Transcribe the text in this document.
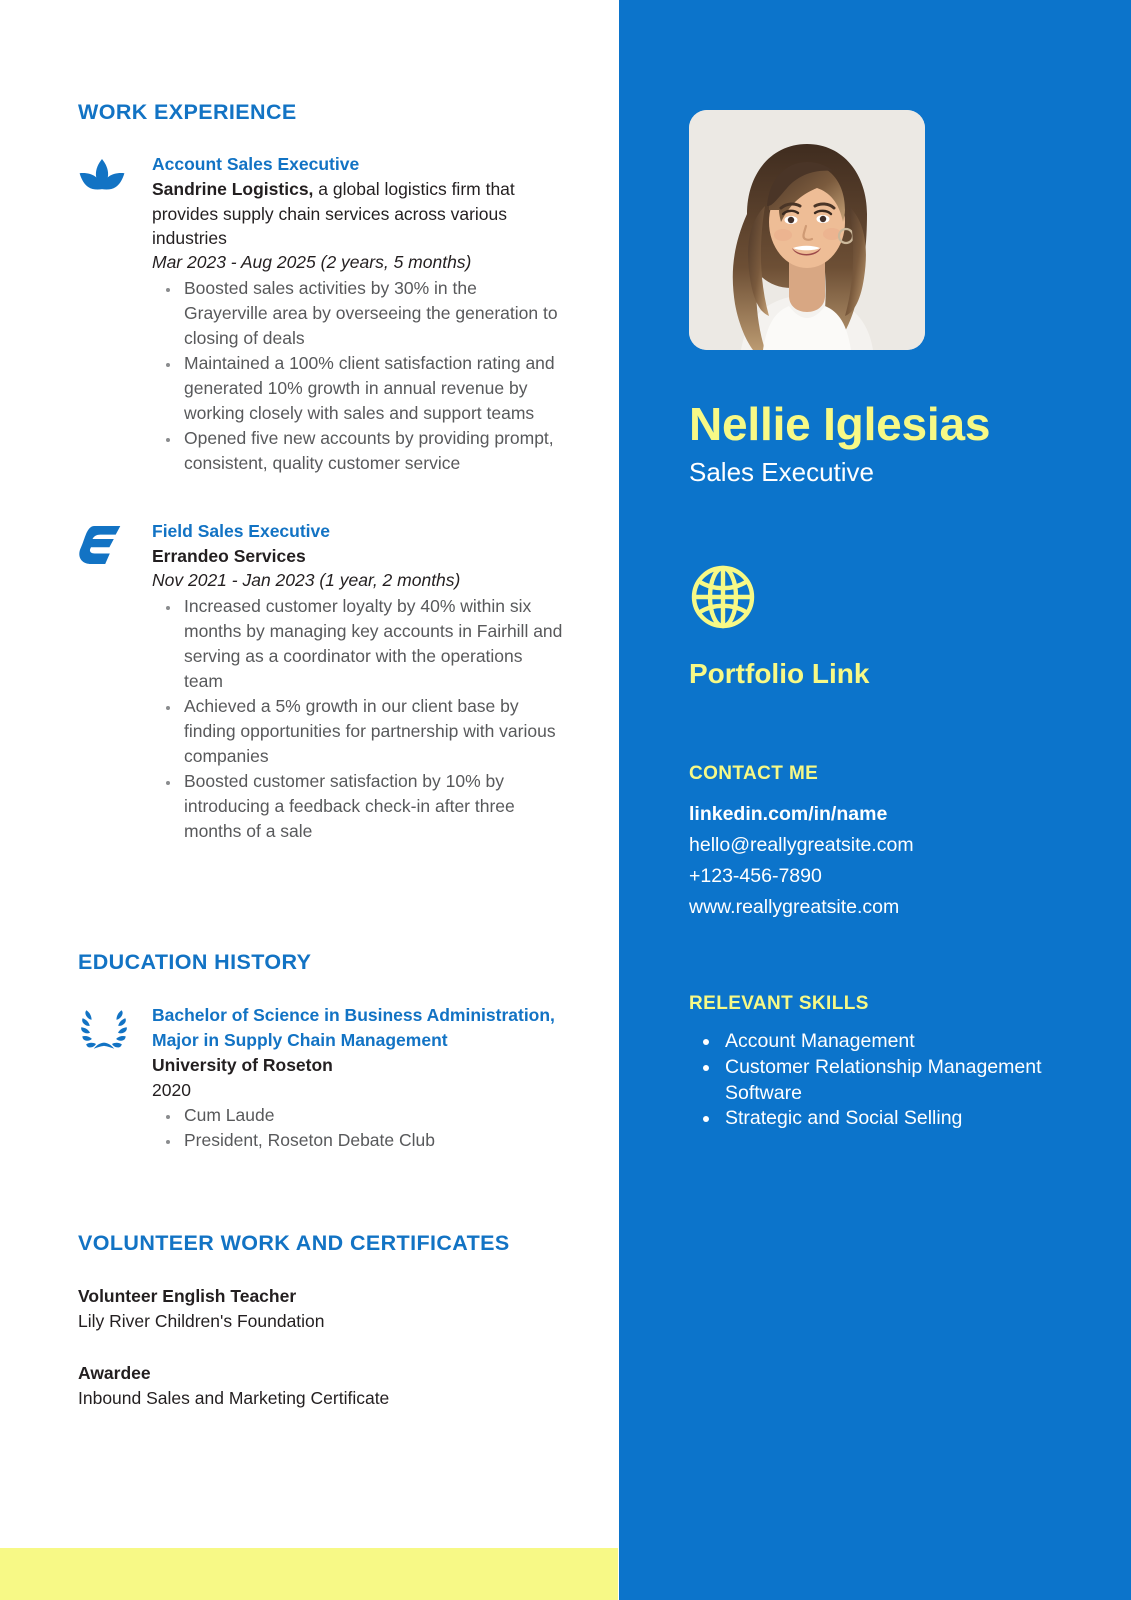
WORK EXPERIENCE
Account Sales Executive

Sandrine Logistics, a global logistics firm that provides supply chain services across various industries

Mar 2023 - Aug 2025 (2 years, 5 months)

• Boosted sales activities by 30% in the Grayerville area by overseeing the generation to closing of deals
• Maintained a 100% client satisfaction rating and generated 10% growth in annual revenue by working closely with sales and support teams
• Opened five new accounts by providing prompt, consistent, quality customer service
Field Sales Executive

Errandeo Services

Nov 2021 - Jan 2023 (1 year, 2 months)

• Increased customer loyalty by 40% within six months by managing key accounts in Fairhill and serving as a coordinator with the operations team
• Achieved a 5% growth in our client base by finding opportunities for partnership with various companies
• Boosted customer satisfaction by 10% by introducing a feedback check-in after three months of a sale
EDUCATION HISTORY
Bachelor of Science in Business Administration, Major in Supply Chain Management

University of Roseton

2020

• Cum Laude
• President, Roseton Debate Club
VOLUNTEER WORK AND CERTIFICATES

Volunteer English Teacher

Lily River Children's Foundation

Awardee

Inbound Sales and Marketing Certificate

Nellie Iglesias

Sales Executive

Portfolio Link
CONTACT ME

linkedin.com/in/name

hello@reallygreatsite.com

+123-456-7890

www.reallygreatsite.com

RELEVANT SKILLS
• Account Management
• Customer Relationship Management Software
• Strategic and Social Selling
